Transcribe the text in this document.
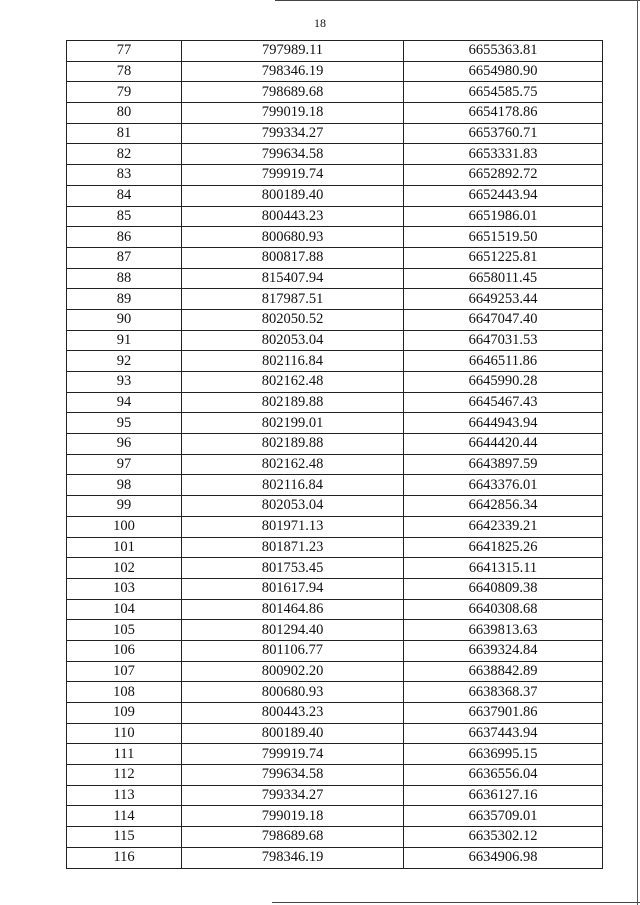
18
77	797989.11	6655363.81
78	798346.19	6654980.90
79	798689.68	6654585.75
80	799019.18	6654178.86
81	799334.27	6653760.71
82	799634.58	6653331.83
83	799919.74	6652892.72
84	800189.40	6652443.94
85	800443.23	6651986.01
86	800680.93	6651519.50
87	800817.88	6651225.81
88	815407.94	6658011.45
89	817987.51	6649253.44
90	802050.52	6647047.40
91	802053.04	6647031.53
92	802116.84	6646511.86
93	802162.48	6645990.28
94	802189.88	6645467.43
95	802199.01	6644943.94
96	802189.88	6644420.44
97	802162.48	6643897.59
98	802116.84	6643376.01
99	802053.04	6642856.34
100	801971.13	6642339.21
101	801871.23	6641825.26
102	801753.45	6641315.11
103	801617.94	6640809.38
104	801464.86	6640308.68
105	801294.40	6639813.63
106	801106.77	6639324.84
107	800902.20	6638842.89
108	800680.93	6638368.37
109	800443.23	6637901.86
110	800189.40	6637443.94
111	799919.74	6636995.15
112	799634.58	6636556.04
113	799334.27	6636127.16
114	799019.18	6635709.01
115	798689.68	6635302.12
116	798346.19	6634906.98
